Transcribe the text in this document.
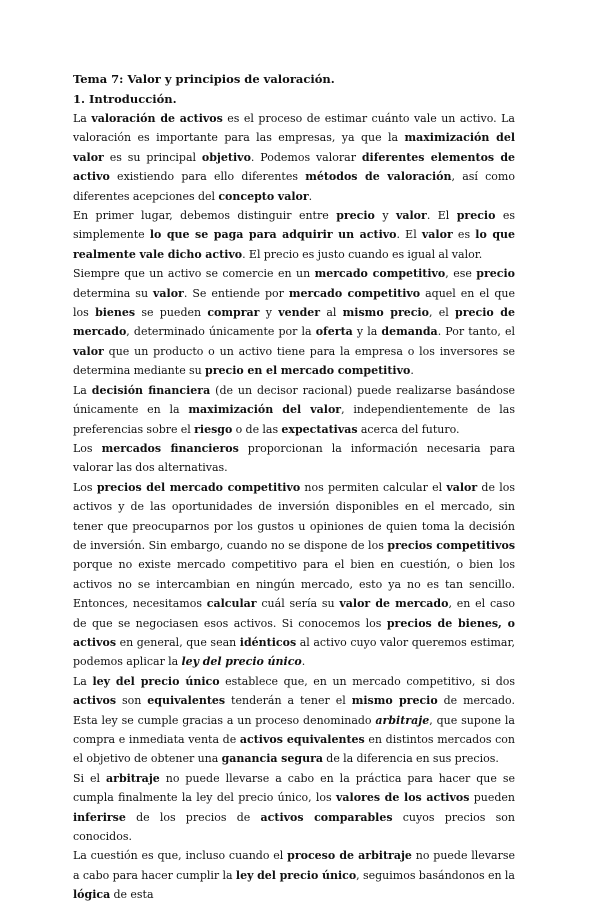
Tema 7: Valor y principios de valoración.

1. Introducción.

La valoración de activos es el proceso de estimar cuánto vale un activo. La valoración es importante para las empresas, ya que la maximización del valor es su principal objetivo. Podemos valorar diferentes elementos de activo existiendo para ello diferentes métodos de valoración, así como diferentes acepciones del concepto valor.

En primer lugar, debemos distinguir entre precio y valor. El precio es simplemente lo que se paga para adquirir un activo. El valor es lo que realmente vale dicho activo. El precio es justo cuando es igual al valor.

Siempre que un activo se comercie en un mercado competitivo, ese precio determina su valor. Se entiende por mercado competitivo aquel en el que los bienes se pueden comprar y vender al mismo precio, el precio de mercado, determinado únicamente por la oferta y la demanda. Por tanto, el valor que un producto o un activo tiene para la empresa o los inversores se determina mediante su precio en el mercado competitivo.

La decisión financiera (de un decisor racional) puede realizarse basándose únicamente en la maximización del valor, independientemente de las preferencias sobre el riesgo o de las expectativas acerca del futuro.

Los mercados financieros proporcionan la información necesaria para valorar las dos alternativas.

Los precios del mercado competitivo nos permiten calcular el valor de los activos y de las oportunidades de inversión disponibles en el mercado, sin tener que preocuparnos por los gustos u opiniones de quien toma la decisión de inversión. Sin embargo, cuando no se dispone de los precios competitivos porque no existe mercado competitivo para el bien en cuestión, o bien los activos no se intercambian en ningún mercado, esto ya no es tan sencillo. Entonces, necesitamos calcular cuál sería su valor de mercado, en el caso de que se negociasen esos activos. Si conocemos los precios de bienes, o activos en general, que sean idénticos al activo cuyo valor queremos estimar, podemos aplicar la ley del precio único.

La ley del precio único establece que, en un mercado competitivo, si dos activos son equivalentes tenderán a tener el mismo precio de mercado. Esta ley se cumple gracias a un proceso denominado arbitraje, que supone la compra e inmediata venta de activos equivalentes en distintos mercados con el objetivo de obtener una ganancia segura de la diferencia en sus precios.

Si el arbitraje no puede llevarse a cabo en la práctica para hacer que se cumpla finalmente la ley del precio único, los valores de los activos pueden inferirse de los precios de activos comparables cuyos precios son conocidos.

La cuestión es que, incluso cuando el proceso de arbitraje no puede llevarse a cabo para hacer cumplir la ley del precio único, seguimos basándonos en la lógica de esta
